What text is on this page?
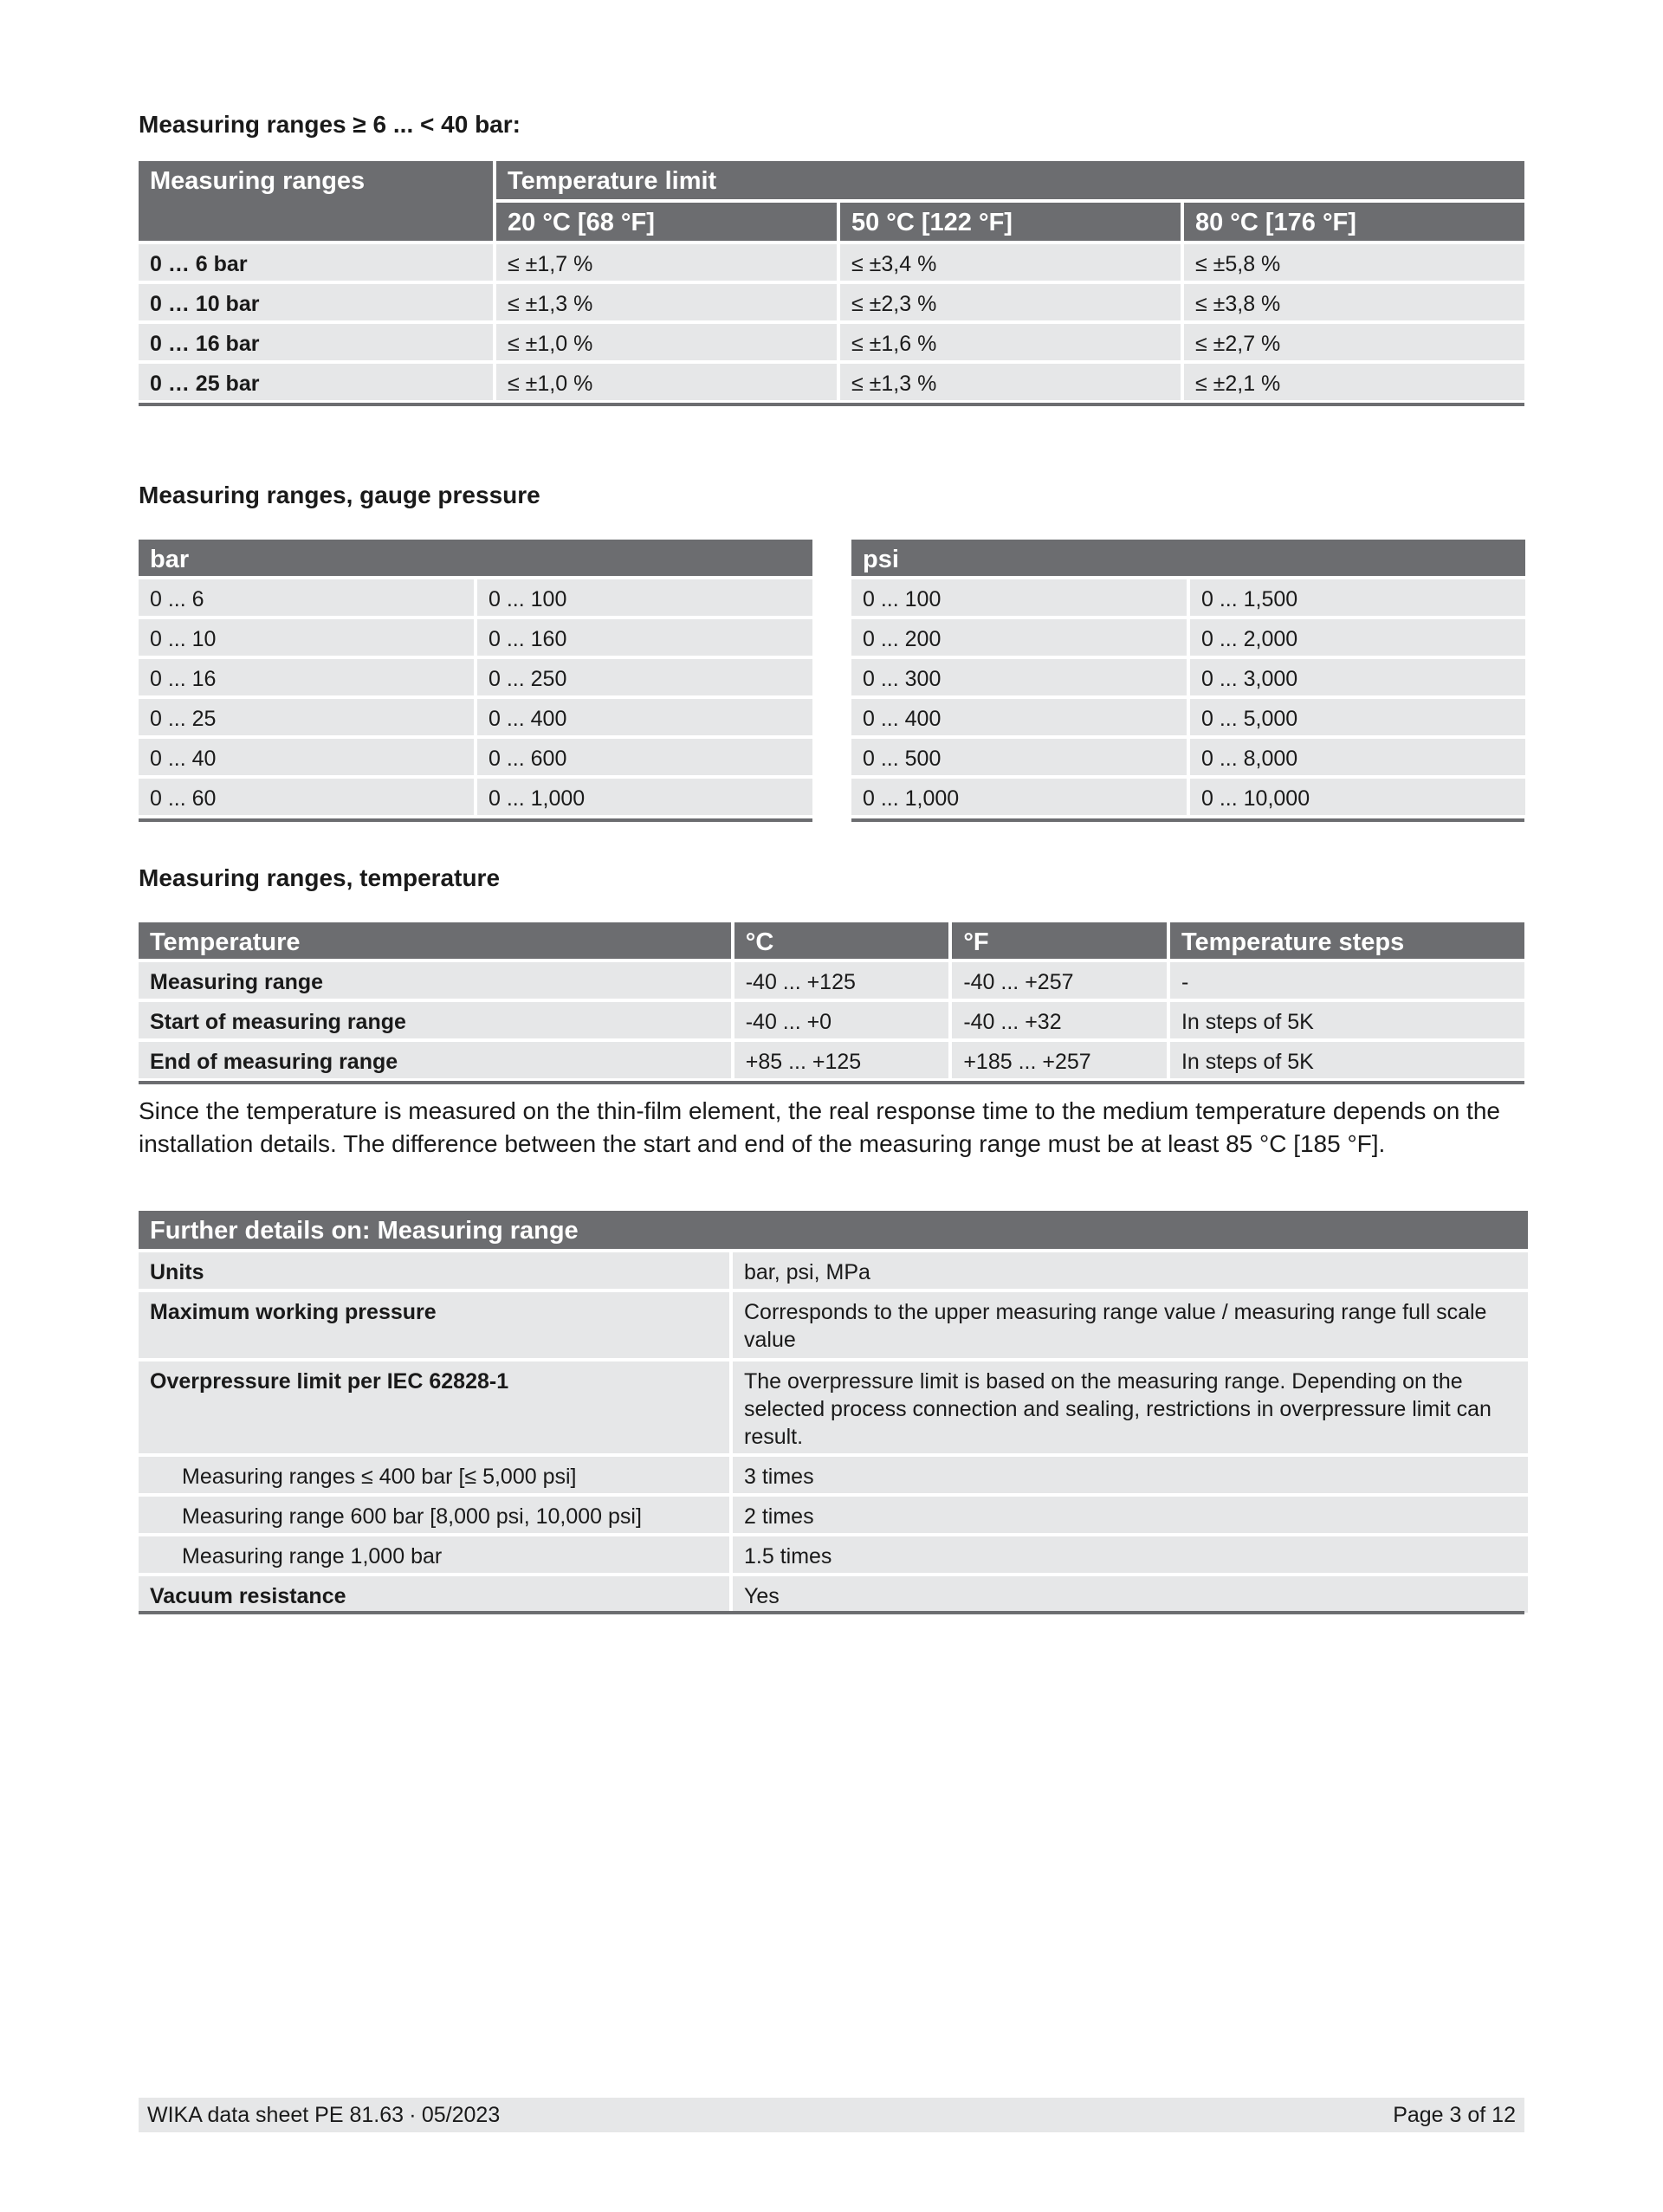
Measuring ranges ≥ 6 ... < 40 bar:
Measuring ranges	Temperature limit		
	20 °C [68 °F]	50 °C [122 °F]	80 °C [176 °F]
0 … 6 bar	≤ ±1,7 %	≤ ±3,4 %	≤ ±5,8 %
0 … 10 bar	≤ ±1,3 %	≤ ±2,3 %	≤ ±3,8 %
0 … 16 bar	≤ ±1,0 %	≤ ±1,6 %	≤ ±2,7 %
0 … 25 bar	≤ ±1,0 %	≤ ±1,3 %	≤ ±2,1 %
Measuring ranges, gauge pressure
bar	
0 ... 6	0 ... 100
0 ... 10	0 ... 160
0 ... 16	0 ... 250
0 ... 25	0 ... 400
0 ... 40	0 ... 600
0 ... 60	0 ... 1,000
psi	
0 ... 100	0 ... 1,500
0 ... 200	0 ... 2,000
0 ... 300	0 ... 3,000
0 ... 400	0 ... 5,000
0 ... 500	0 ... 8,000
0 ... 1,000	0 ... 10,000
Measuring ranges, temperature
Temperature	°C	°F	Temperature steps
Measuring range	-40 ... +125	-40 ... +257	-
Start of measuring range	-40 ... +0	-40 ... +32	In steps of 5K
End of measuring range	+85 ... +125	+185 ... +257	In steps of 5K
Since the temperature is measured on the thin-film element, the real response time to the medium temperature depends on the installation details. The difference between the start and end of the measuring range must be at least 85 °C [185 °F].
Further details on: Measuring range	
Units	bar, psi, MPa
Maximum working pressure	Corresponds to the upper measuring range value / measuring range full scale value
Overpressure limit per IEC 62828-1	The overpressure limit is based on the measuring range. Depending on the selected process connection and sealing, restrictions in overpressure limit can result.
Measuring ranges ≤ 400 bar [≤ 5,000 psi]	3 times
Measuring range 600 bar [8,000 psi, 10,000 psi]	2 times
Measuring range 1,000 bar	1.5 times
Vacuum resistance	Yes
WIKA data sheet PE 81.63 ∙ 05/2023	Page 3 of 12
